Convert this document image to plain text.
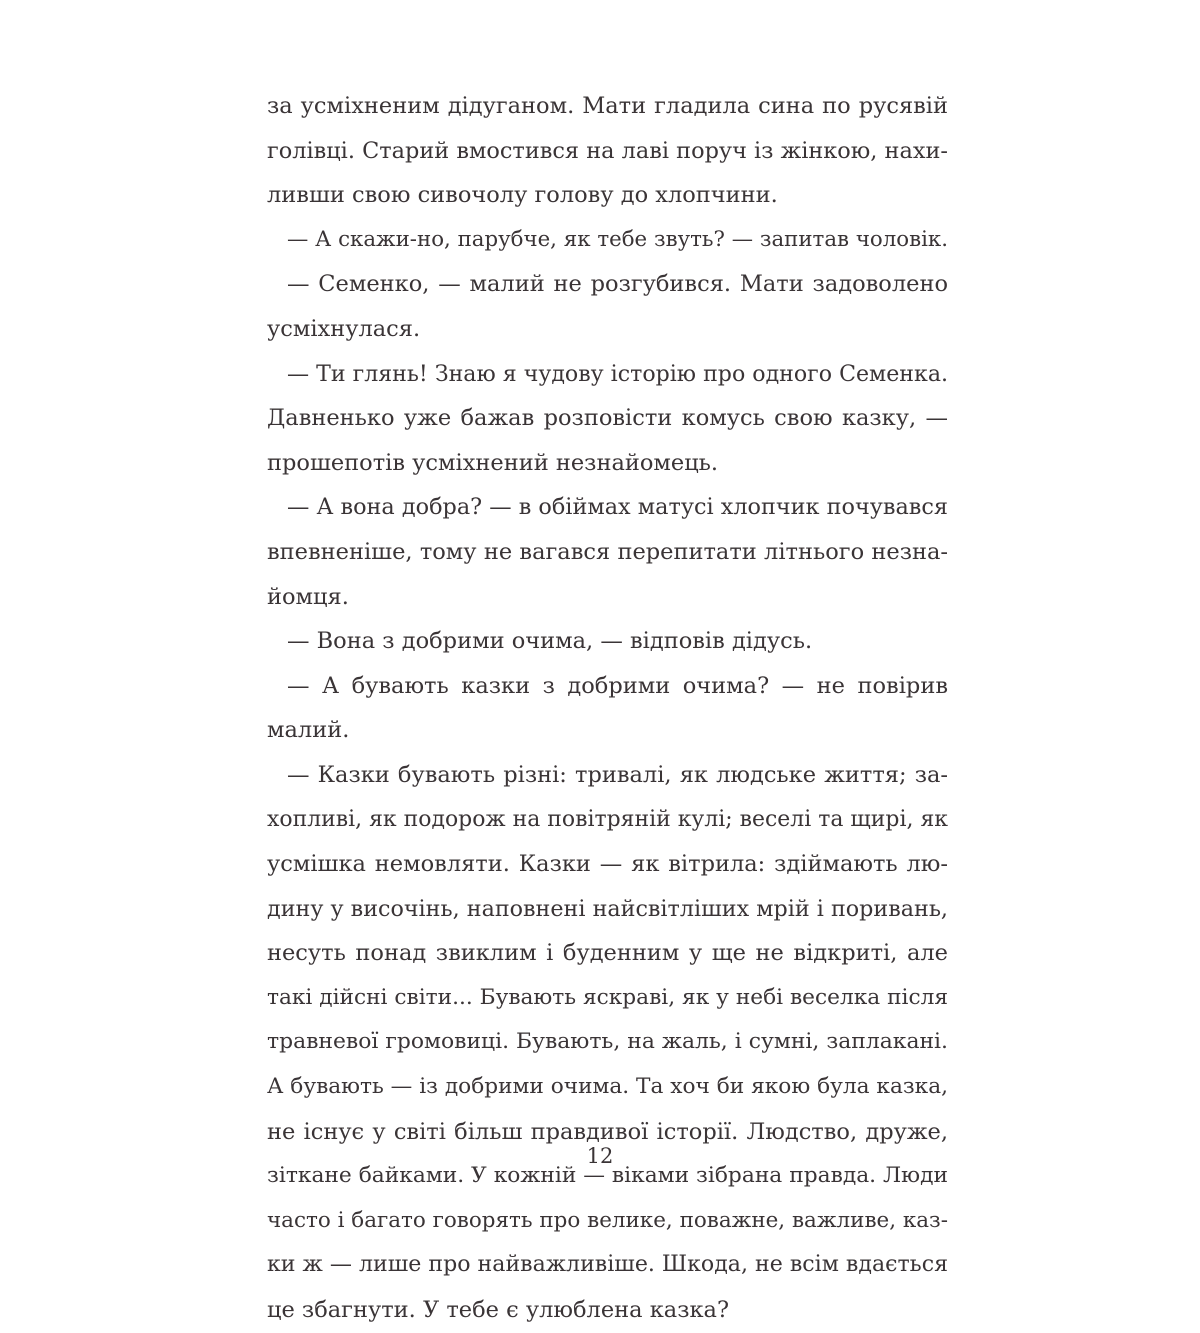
за усміхненим дідуганом. Мати гладила сина по русявій
голівці. Старий вмостився на лаві поруч із жінкою, нахи-
ливши свою сивочолу голову до хлопчини.
— А скажи-но, парубче, як тебе звуть? — запитав чоловік.
— Семенко, — малий не розгубився. Мати задоволено
усміхнулася.
— Ти глянь! Знаю я чудову історію про одного Семенка.
Давненько уже бажав розповісти комусь свою казку, —
прошепотів усміхнений незнайомець.
— А вона добра? — в обіймах матусі хлопчик почувався
впевненіше, тому не вагався перепитати літнього незна-
йомця.
— Вона з добрими очима, — відповів дідусь.
— А бувають казки з добрими очима? — не повірив
малий.
— Казки бувають різні: тривалі, як людське життя; за-
хопливі, як подорож на повітряній кулі; веселі та щирі, як
усмішка немовляти. Казки — як вітрила: здіймають лю-
дину у височінь, наповнені найсвітліших мрій і поривань,
несуть понад звиклим і буденним у ще не відкриті, але
такі дійсні світи... Бувають яскраві, як у небі веселка після
травневої громовиці. Бувають, на жаль, і сумні, заплакані.
А бувають — із добрими очима. Та хоч би якою була казка,
не існує у світі більш правдивої історії. Людство, друже,
зіткане байками. У кожній — віками зібрана правда. Люди
часто і багато говорять про велике, поважне, важливе, каз-
ки ж — лише про найважливіше. Шкода, не всім вдається
це збагнути. У тебе є улюблена казка?
12
